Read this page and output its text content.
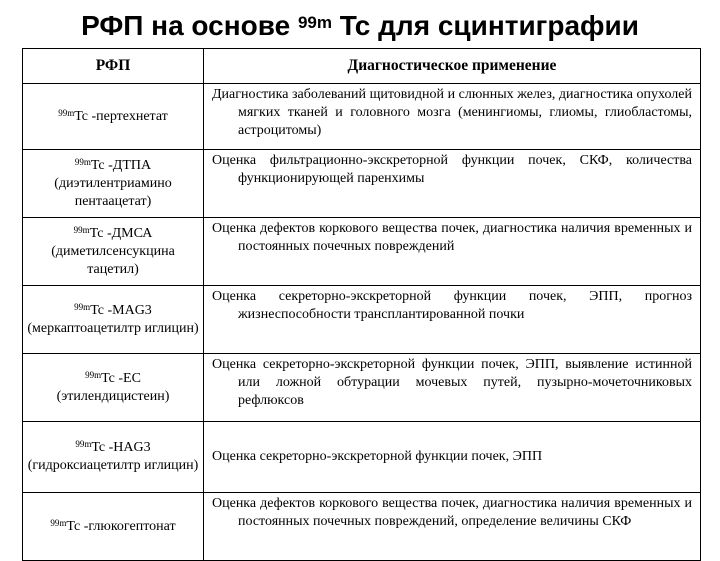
РФП на основе $^{99m}$ Tc для сцинтиграфии
РФП	Диагностическое применение
$^{99m}$Tc -пертехнетат	Диагностика заболеваний щитовидной и слюнных желез, диагностика опухолей мягких тканей и головного мозга (менингиомы, глиомы, глиобластомы, астроцитомы)

$^{99m}$Tc -ДТПА
(диэтилентриамино пентаацетат)	Оценка фильтрационно-экскреторной функции почек, СКФ, количества функционирующей паренхимы

$^{99m}$Tc -ДМСА
(диметилсенсукцина тацетил)	Оценка дефектов коркового вещества почек, диагностика наличия временных и постоянных почечных повреждений

$^{99m}$Tc -MAG3
(меркаптоацетилтр иглицин)	Оценка секреторно-экскреторной функции почек, ЭПП, прогноз жизнеспособности трансплантированной почки

$^{99m}$Tc -EC
(этилендицистеин)	Оценка секреторно-экскреторной функции почек, ЭПП, выявление истинной или ложной обтурации мочевых путей, пузырно-мочеточниковых рефлюксов

$^{99m}$Tc -HAG3
(гидроксиацетилтр иглицин)	Оценка секреторно-экскреторной функции почек, ЭПП

$^{99m}$Tc -глюкогептонат	Оценка дефектов коркового вещества почек, диагностика наличия временных и постоянных почечных повреждений, определение величины СКФ
